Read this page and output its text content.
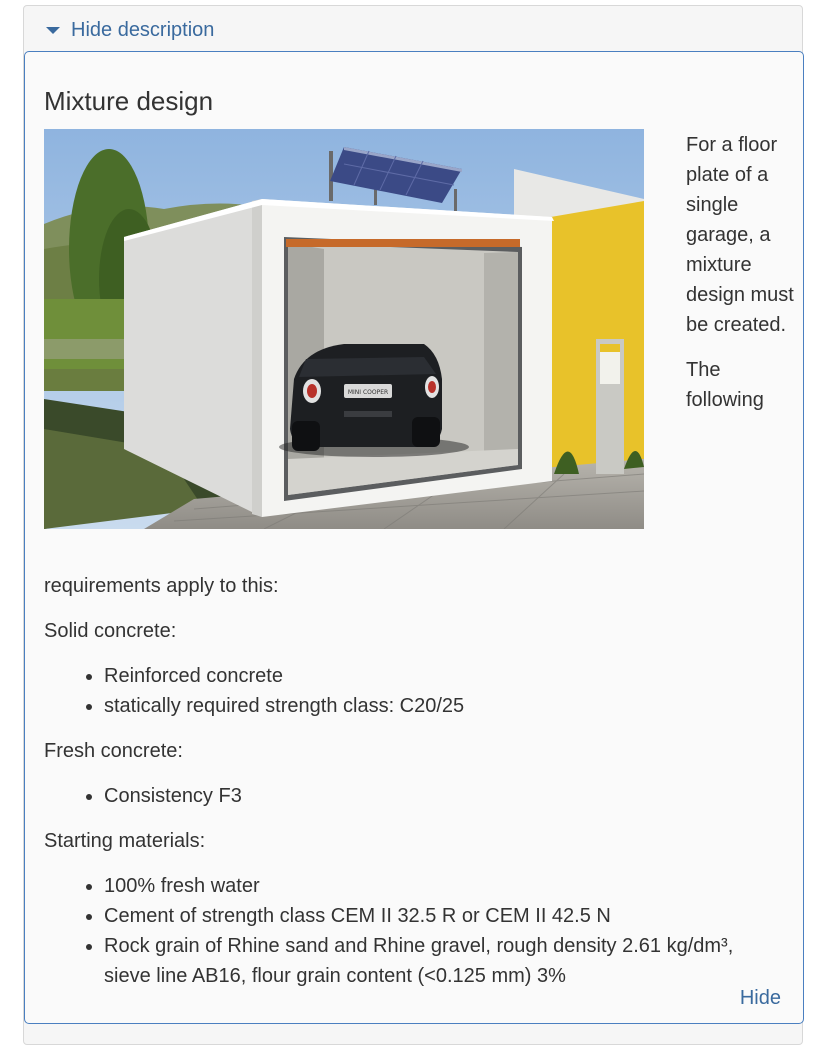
Hide description
Mixture design
MINI COOPER

For a floor plate of a single garage, a mixture design must be created.

The following

requirements apply to this:

Solid concrete:

• Reinforced concrete
• statically required strength class: C20/25

Fresh concrete:

• Consistency F3

Starting materials:

• 100% fresh water
• Cement of strength class CEM II 32.5 R or CEM II 42.5 N
• Rock grain of Rhine sand and Rhine gravel, rough density 2.61 kg/dm³, sieve line AB16, flour grain content (<0.125 mm) 3%
Hide
